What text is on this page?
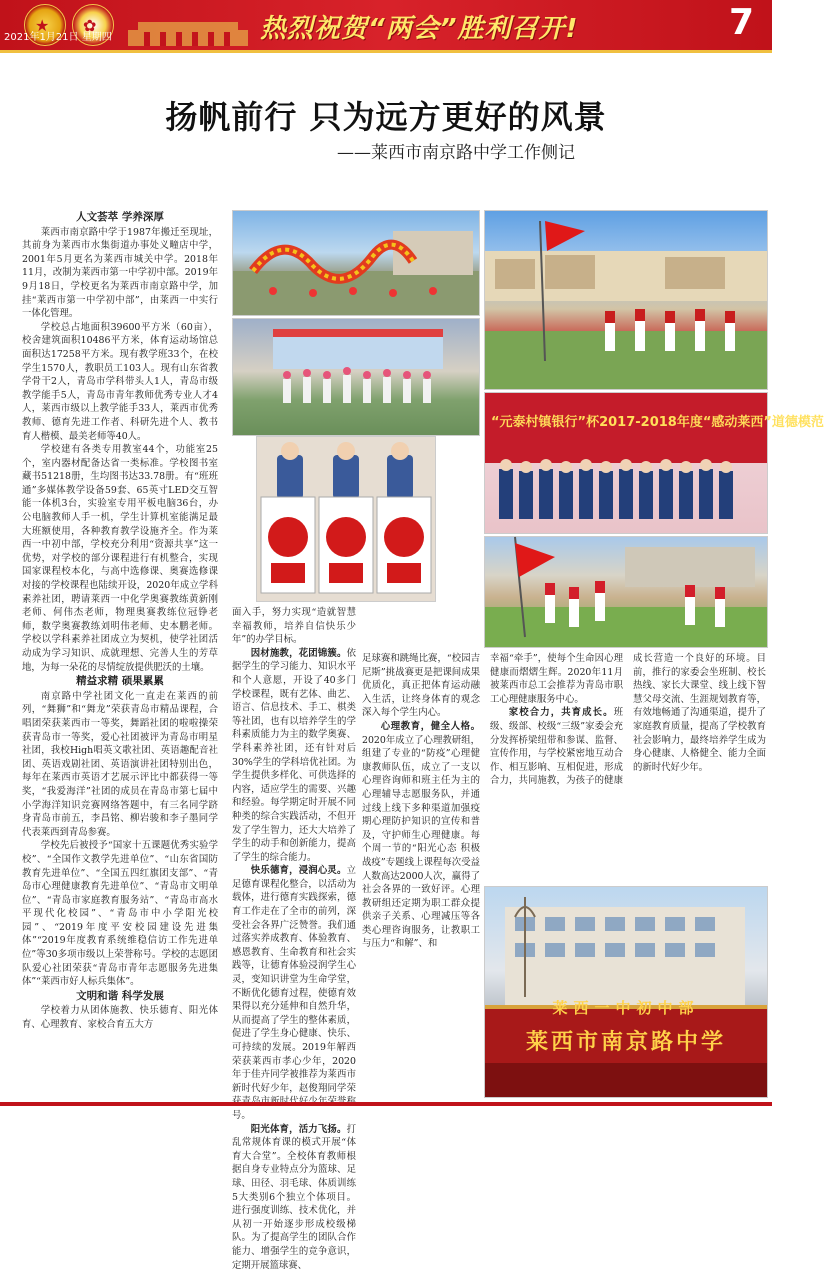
★ ✿
2021年1月21日 星期四	热烈祝贺“两会”胜利召开!	7
扬帆前行 只为远方更好的风景
——莱西市南京路中学工作侧记
“元泰村镇银行”杯2017-2018年度“感动莱西”道德模范
莱西一中初中部
莱西市南京路中学
人文荟萃 学养深厚

莱西市南京路中学于1987年搬迁至现址，其前身为莱西市水集街道办事处义疃店中学，2001年5月更名为莱西市城关中学。2018年11月，改制为莱西市第一中学初中部。2019年9月18日，学校更名为莱西市南京路中学，加挂“莱西市第一中学初中部”，由莱西一中实行一体化管理。

学校总占地面积39600平方米（60亩），校舍建筑面积10486平方米，体育运动场馆总面积达17258平方米。现有教学班33个，在校学生1570人，教职员工103人。现有山东省教学骨干2人，青岛市学科带头人1人，青岛市级教学能手5人，青岛市青年教师优秀专业人才4人，莱西市级以上教学能手33人，莱西市优秀教师、德育先进工作者、科研先进个人、教书育人楷模、最美老师等40人。

学校建有各类专用教室44个，功能室25个，室内器材配备达省一类标准。学校图书室藏书51218册，生均图书达33.78册。有“班班通”多媒体教学设备59套、65英寸LED交互智能一体机3台，实验室专用平板电脑36台，办公电脑教师人手一机，学生计算机室能满足最大班额使用，各种教育教学设施齐全。作为莱西一中初中部，学校充分利用“资源共享”这一优势，对学校的部分课程进行有机整合，实现国家课程校本化，与高中选修课、奥赛选修课对接的学校课程也陆续开设，2020年成立学科素养社团，聘请莱西一中化学奥赛教练黄新刚老师、何伟杰老师，物理奥赛教练位冠铮老师，数学奥赛教练刘明伟老师、史本鹏老师。学校以学科素养社团成立为契机，使学社团活动成为学习知识、成就理想、完善人生的芳草地，为每一朵花的尽情绽放提供肥沃的土壤。

精益求精 硕果累累

南京路中学社团文化一直走在莱西的前列，“舞狮”和“舞龙”荣获青岛市精品课程，合唱团荣获莱西市一等奖，舞蹈社团的啦啦操荣获青岛市一等奖，爱心社团被评为青岛市明星社团，我校High唱英文歌社团、英语趣配音社团、英语戏剧社团、英语演讲社团特别出色，每年在莱西市英语才艺展示评比中都获得一等奖，“我爱海洋”社团的成员在青岛市第七届中小学海洋知识竞赛网络答题中，有三名同学跻身青岛市前五，李昌铭、柳岩骏和李子墨同学代表莱西到青岛参赛。

学校先后被授予“国家十五课题优秀实验学校”、“全国作文教学先进单位”、“山东省国防教育先进单位”、“全国五四红旗团支部”、“青岛市心理健康教育先进单位”、“青岛市文明单位”、“青岛市家庭教育服务站”、“青岛市高水平现代化校园”、“青岛市中小学阳光校园”、“2019年度平安校园建设先进集体”“2019年度教育系统维稳信访工作先进单位”等30多项市级以上荣誉称号。学校的志愿团队爱心社团荣获“青岛市青年志愿服务先进集体”“莱西市好人标兵集体”。

文明和谐 科学发展

学校着力从团体施教、快乐德育、阳光体育、心理教育、家校合育五大方

面入手，努力实现“造就智慧幸福教师，培养自信快乐少年”的办学目标。

因材施教，花团锦簇。依据学生的学习能力、知识水平和个人意愿，开设了40多门学校课程，既有艺体、曲艺、语言、信息技术、手工、棋类等社团，也有以培养学生的学科素质能力为主的数学奥赛、学科素养社团，还有针对后30%学生的学科培优社团。为学生提供多样化、可供选择的内容，适应学生的需要、兴趣和经验。每学期定时开展不同种类的综合实践活动，不但开发了学生智力，还大大培养了学生的动手和创新能力，提高了学生的综合能力。

快乐德育，浸润心灵。立足德育课程化整合，以活动为载体，进行德育实践探索，德育工作走在了全市的前列，深受社会各界广泛赞誉。我们通过落实养成教育、体验教育、感恩教育、生命教育和社会实践等，让德育体验浸润学生心灵，变知识讲堂为生命学堂，不断优化德育过程，使德育效果得以充分延伸和自然升华，从而提高了学生的整体素质，促进了学生身心健康、快乐、可持续的发展。2019年解西荣获莱西市孝心少年，2020年于佳卉同学被推荐为莱西市新时代好少年，赵俊翔同学荣 号。

阳光体育，活力飞扬。打乱常规体育课的模式开展“体育大合堂”。全校体育教师根据自身专业特点分为篮球、足球、田径、羽毛球、体质训练5大类别6个独立个体项目。进行强度训练、技术优化，并从初一开始逐步形成校级梯队。为了提高学生的团队合作能力、增强学生的竞争意识，定期开展篮球赛、

足球赛和跳绳比赛，“校园吉尼斯”挑战赛更是把课间成果优质化，真正把体育运动融入生活，让终身体育的观念深入每个学生内心。

心理教育，健全人格。2020年成立了心理教研组，组建了专业的“防疫”心理健康教师队伍，成立了一支以心理咨询师和班主任为主的心理辅导志愿服务队，并通过线上线下多种渠道加强疫期心理防护知识的宣传和普及，守护师生心理健康。每个周一节的“阳光心态 积极战疫”专题线上课程每次受益人数高达2000人次，赢得了社会各界的一致好评。心理教研组还定期为职工群众提供亲子关系、心理减压等各类心理咨询服务，让教职工与压力“和解”、和

幸福“牵手”，使每个生命因心理健康而熠熠生辉。2020年11月被莱西市总工会推荐为青岛市职工心理健康服务中心。

家校合力，共育成长。班级、级部、校级“三级”家委会充分发挥桥梁纽带和参谋、监督、宣传作用，与学校紧密地互动合作、相互影响、互相促进，形成合力，共同施教，为孩子的健康成长营造一个良好的环境。目前，推行的家委会坐班制、校长热线、家长大课堂、线上线下智慧父母交流、生涯规划教育等，有效地畅通了沟通渠道，提升了家庭教育质量，提高了学校教育社会影响力，最终培养学生成为身心健康、人格健全、能力全面的新时代好少年。
